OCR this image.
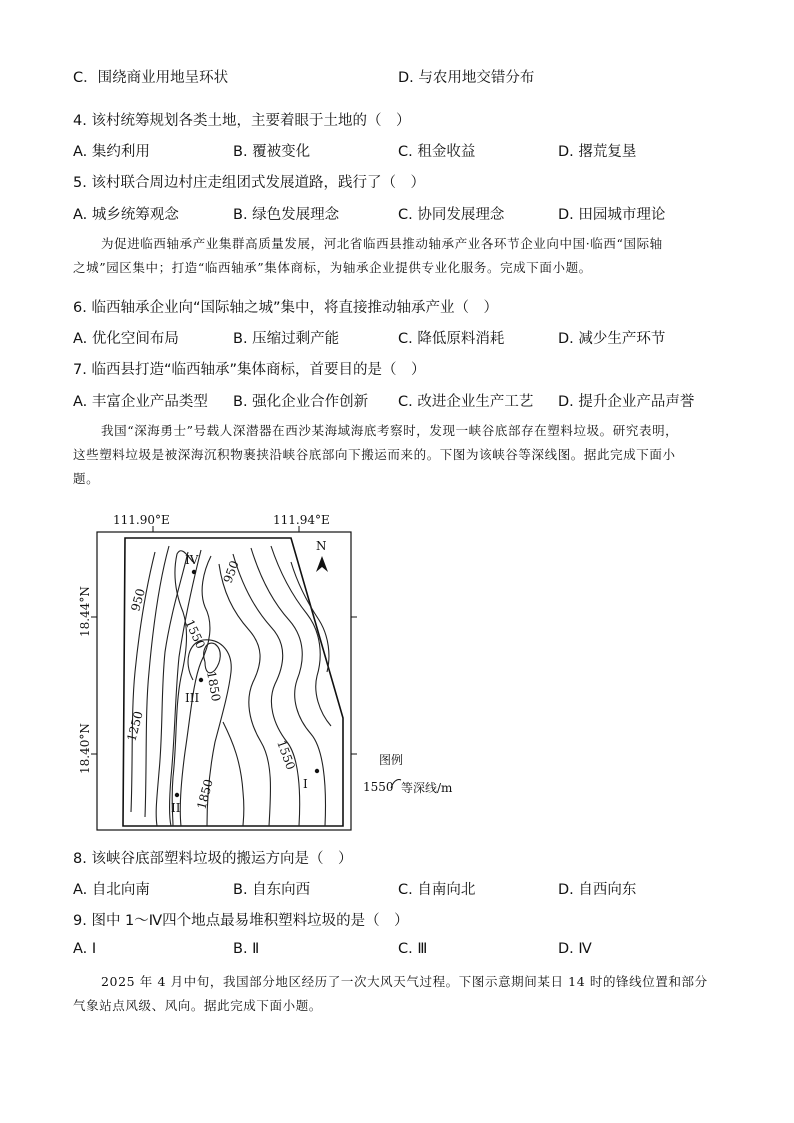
C．围绕商业用地呈环状	D. 与农用地交错分布
4. 该村统筹规划各类土地，主要着眼于土地的（　）
A. 集约利用	B. 覆被变化	C. 租金收益	D. 撂荒复垦
5. 该村联合周边村庄走组团式发展道路，践行了（　）
A. 城乡统筹观念	B. 绿色发展理念	C. 协同发展理念	D. 田园城市理论
为促进临西轴承产业集群高质量发展，河北省临西县推动轴承产业各环节企业向中国·临西“国际轴
之城”园区集中；打造“临西轴承”集体商标，为轴承企业提供专业化服务。完成下面小题。
6. 临西轴承企业向“国际轴之城”集中，将直接推动轴承产业（　）
A. 优化空间布局	B. 压缩过剩产能	C. 降低原料消耗	D. 减少生产环节
7. 临西县打造“临西轴承”集体商标，首要目的是（　）
A. 丰富企业产品类型 B. 强化企业合作创新 C. 改进企业生产工艺 D. 提升企业产品声誉
我国“深海勇士”号载人深潜器在西沙某海域海底考察时，发现一峡谷底部存在塑料垃圾。研究表明，
这些塑料垃圾是被深海沉积物裹挟沿峡谷底部向下搬运而来的。下图为该峡谷等深线图。据此完成下面小
题。
111.90°E	111.94°E
18.44°N
18.40°N
950
950
1550
1850
1250
1550
1850
IV
III
I
II
N
图例
1550 等深线/m
8. 该峡谷底部塑料垃圾的搬运方向是（　）
A. 自北向南	B. 自东向西	C. 自南向北	D. 自西向东
9. 图中 1～Ⅳ四个地点最易堆积塑料垃圾的是（　）
A. I	B. Ⅱ	C. Ⅲ	D. Ⅳ
2025 年 4 月中旬，我国部分地区经历了一次大风天气过程。下图示意期间某日 14 时的锋线位置和部分
气象站点风级、风向。据此完成下面小题。
